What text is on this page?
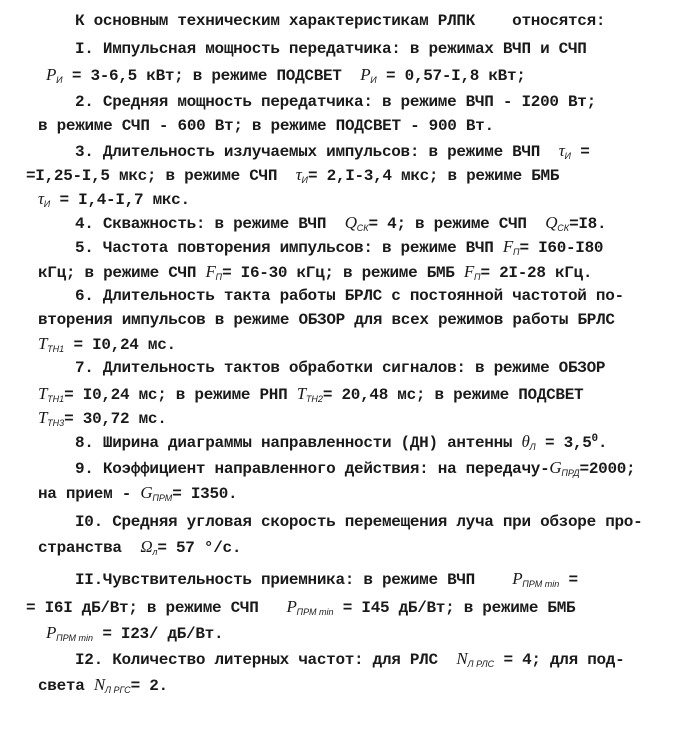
К основным техническим характеристикам РЛПК    относятся:
I. Импульсная мощность передатчика: в режимах ВЧП и СЧП
$P_И = 3-6,5$ кВт; в режиме ПОДСВЕТ  $P_И = 0,57-I,8$ кВт;
2. Средняя мощность передатчика: в режиме ВЧП - I200 Вт;
в режиме СЧП - 600 Вт; в режиме ПОДСВЕТ - 900 Вт.
3. Длительность излучаемых импульсов: в режиме ВЧП  $\tau_И$ =
=I,25-I,5 мкс; в режиме СЧП  $\tau_И= 2,I-3,4$ мкс; в режиме БМБ
$\tau_И = I,4-I,7$ мкс.
4. Скважность: в режиме ВЧП  $Q_{СК}= 4$; в режиме СЧП  $Q_{СК}=I8$.
5. Частота повторения импульсов: в режиме ВЧП $F_П= I60-I80$
кГц; в режиме СЧП $F_П= I6-30$ кГц; в режиме БМБ $F_П= 2I-28$ кГц.
6. Длительность такта работы БРЛС с постоянной частотой по-
вторения импульсов в режиме ОБЗОР для всех режимов работы БРЛС
$T_{ТН1} = I0,24$ мс.
7. Длительность тактов обработки сигналов: в режиме ОБЗОР
$T_{ТН1}= I0,24$ мс; в режиме РНП $T_{ТН2}= 20,48$ мс; в режиме ПОДСВЕТ
$T_{ТН3}= 30,72$ мс.
8. Ширина диаграммы направленности (ДН) антенны $\theta_Л = 3,5^0$.
9. Коэффициент направленного действия: на передачу-$G_{ПРД}=2000$;
на прием - $G_{ПРМ}= I350$.
I0. Средняя угловая скорость перемещения луча при обзоре про-
странства  $\Omega_л= 57$ °/с.
II.Чувствительность приемника: в режиме ВЧП    $P_{ПРМ min}$ =
= I6I дБ/Вт; в режиме СЧП   $P_{ПРМ min} = I45$ дБ/Вт; в режиме БМБ
$P_{ПРМ min} = I23/$ дБ/Вт.
I2. Количество литерных частот: для РЛС  $N_{Л РЛС} = 4$; для под-
света $N_{Л РГС}= 2$.
